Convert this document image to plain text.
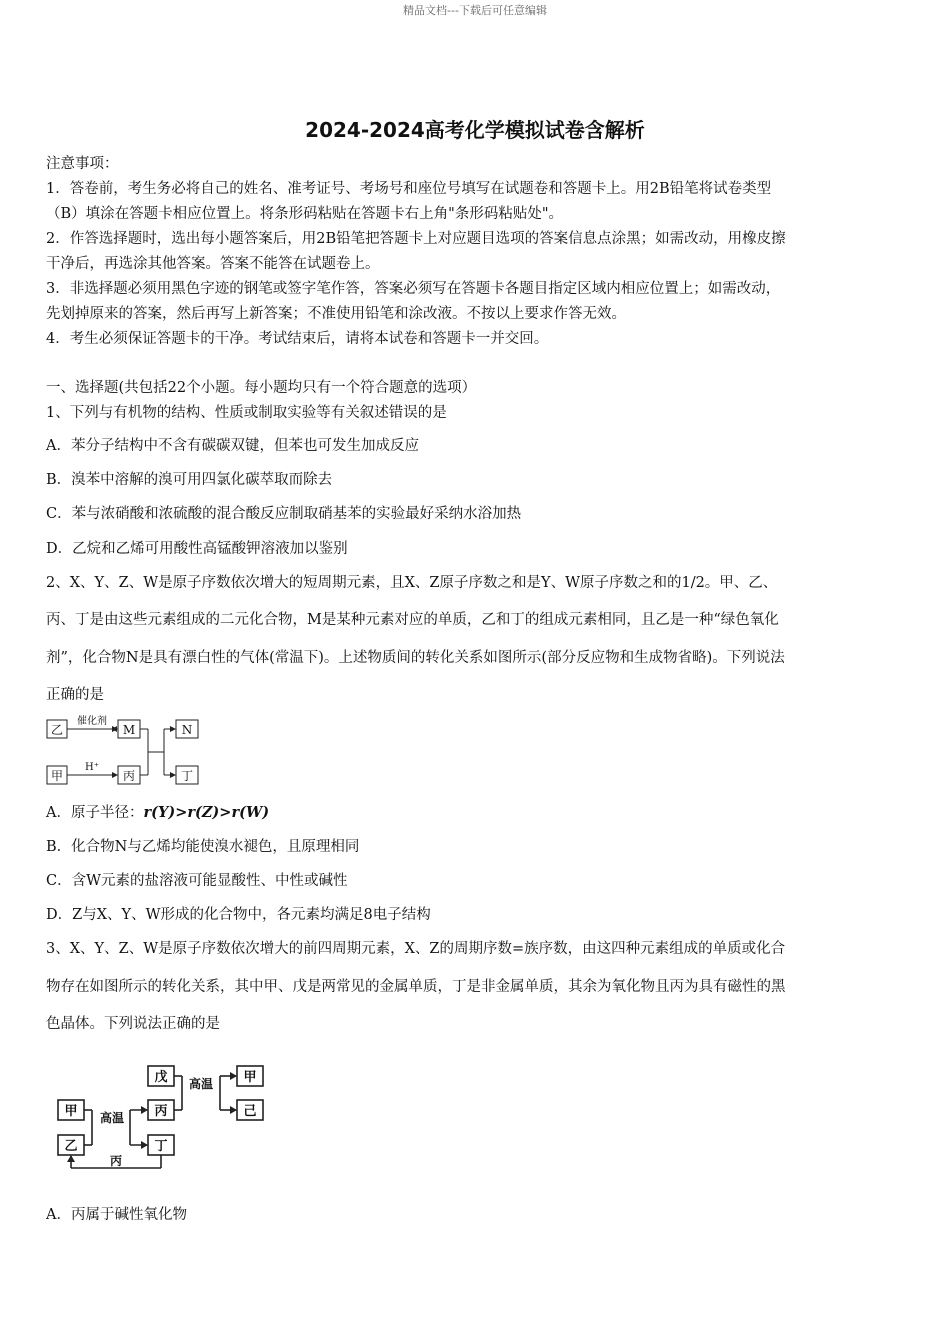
精品文档---下载后可任意编辑
2024-2024高考化学模拟试卷含解析
注意事项：
1．答卷前，考生务必将自己的姓名、准考证号、考场号和座位号填写在试题卷和答题卡上。用2B铅笔将试卷类型
（B）填涂在答题卡相应位置上。将条形码粘贴在答题卡右上角"条形码粘贴处"。
2．作答选择题时，选出每小题答案后，用2B铅笔把答题卡上对应题目选项的答案信息点涂黑；如需改动，用橡皮擦
干净后，再选涂其他答案。答案不能答在试题卷上。
3．非选择题必须用黑色字迹的钢笔或签字笔作答，答案必须写在答题卡各题目指定区域内相应位置上；如需改动，
先划掉原来的答案，然后再写上新答案；不准使用铅笔和涂改液。不按以上要求作答无效。
4．考生必须保证答题卡的干净。考试结束后，请将本试卷和答题卡一并交回。
一、选择题(共包括22个小题。每小题均只有一个符合题意的选项）
1、下列与有机物的结构、性质或制取实验等有关叙述错误的是
A．苯分子结构中不含有碳碳双键，但苯也可发生加成反应
B．溴苯中溶解的溴可用四氯化碳萃取而除去
C．苯与浓硝酸和浓硫酸的混合酸反应制取硝基苯的实验最好采纳水浴加热
D．乙烷和乙烯可用酸性高锰酸钾溶液加以鉴别
2、X、Y、Z、W是原子序数依次增大的短周期元素，且X、Z原子序数之和是Y、W原子序数之和的1/2。甲、乙、
丙、丁是由这些元素组成的二元化合物，M是某种元素对应的单质，乙和丁的组成元素相同，且乙是一种“绿色氧化
剂”，化合物N是具有漂白性的气体(常温下)。上述物质间的转化关系如图所示(部分反应物和生成物省略)。下列说法
正确的是
乙
甲
M
丙
N
丁
催化剂
H⁺
A．原子半径：r(Y)>r(Z)>r(W)
B．化合物N与乙烯均能使溴水褪色，且原理相同
C．含W元素的盐溶液可能显酸性、中性或碱性
D．Z与X、Y、W形成的化合物中，各元素均满足8电子结构
3、X、Y、Z、W是原子序数依次增大的前四周期元素，X、Z的周期序数=族序数，由这四种元素组成的单质或化合
物存在如图所示的转化关系，其中甲、戊是两常见的金属单质，丁是非金属单质，其余为氧化物且丙为具有磁性的黑
色晶体。下列说法正确的是
甲
乙
戊
丙
丁
甲
己
高温
高温
丙
A．丙属于碱性氧化物
